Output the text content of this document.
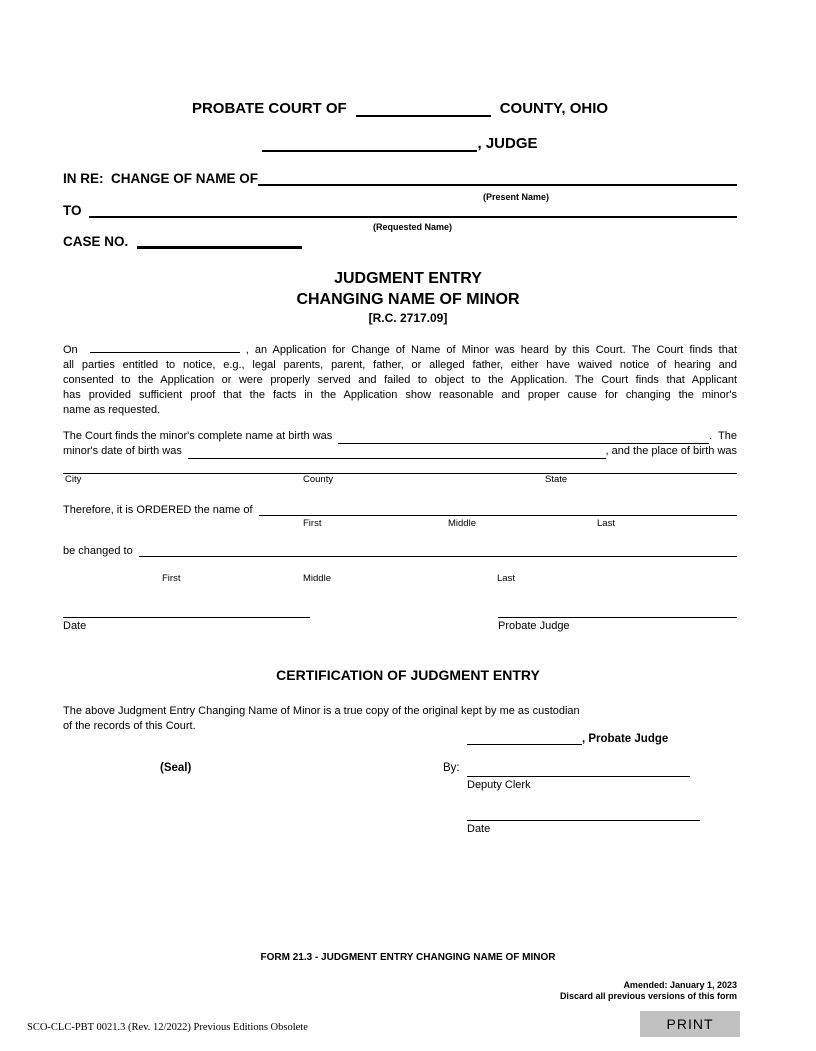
PROBATE COURT OF	COUNTY, OHIO
, JUDGE
IN RE:  CHANGE OF NAME OF
(Present Name)
TO
(Requested Name)
CASE NO.
JUDGMENT ENTRY
CHANGING NAME OF MINOR
[R.C. 2717.09]
On	, an Application for Change of Name of Minor was heard by this Court. The Court finds that
all parties entitled to notice, e.g., legal parents, parent, father, or alleged father, either have waived notice of hearing and
consented to the Application or were properly served and failed to object to the Application. The Court finds that Applicant
has provided sufficient proof that the facts in the Application show reasonable and proper cause for changing the minor's
name as requested.
The Court finds the minor's complete name at birth was	.  The
minor's date of birth was	, and the place of birth was
City	County	State
Therefore, it is ORDERED the name of
First	Middle	Last
be changed to
First	Middle	Last
Date	Probate Judge
CERTIFICATION OF JUDGMENT ENTRY
The above Judgment Entry Changing Name of Minor is a true copy of the original kept by me as custodian
of the records of this Court.
, Probate Judge
(Seal)	By:
Deputy Clerk
Date
FORM 21.3 - JUDGMENT ENTRY CHANGING NAME OF MINOR
Amended: January 1, 2023
Discard all previous versions of this form
SCO-CLC-PBT 0021.3 (Rev. 12/2022) Previous Editions Obsolete	PRINT
